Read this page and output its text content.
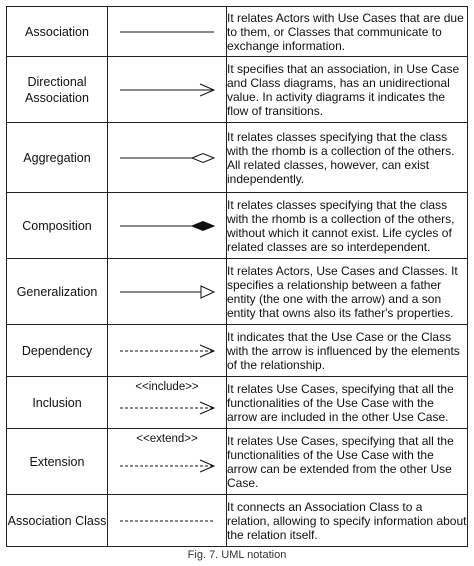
Association		It relates Actors with Use Cases that are due to them, or Classes that communicate to exchange information.
Directional Association		It specifies that an association, in Use Case and Class diagrams, has an unidirectional value. In activity diagrams it indicates the flow of transitions.
Aggregation		It relates classes specifying that the class with the rhomb is a collection of the others. All related classes, however, can exist independently.
Composition		It relates classes specifying that the class with the rhomb is a collection of the others, without which it cannot exist. Life cycles of related classes are so interdependent.
Generalization		It relates Actors, Use Cases and Classes. It specifies a relationship between a father entity (the one with the arrow) and a son entity that owns also its father's properties.
Dependency		It indicates that the Use Case or the Class with the arrow is influenced by the elements of the relationship.
Inclusion	<<include>>	It relates Use Cases, specifying that all the functionalities of the Use Case with the arrow are included in the other Use Case.
Extension	<<extend>>	It relates Use Cases, specifying that all the functionalities of the Use Case with the arrow can be extended from the other Use Case.
Association Class		It connects an Association Class to a relation, allowing to specify information about the relation itself.
Fig. 7. UML notation
